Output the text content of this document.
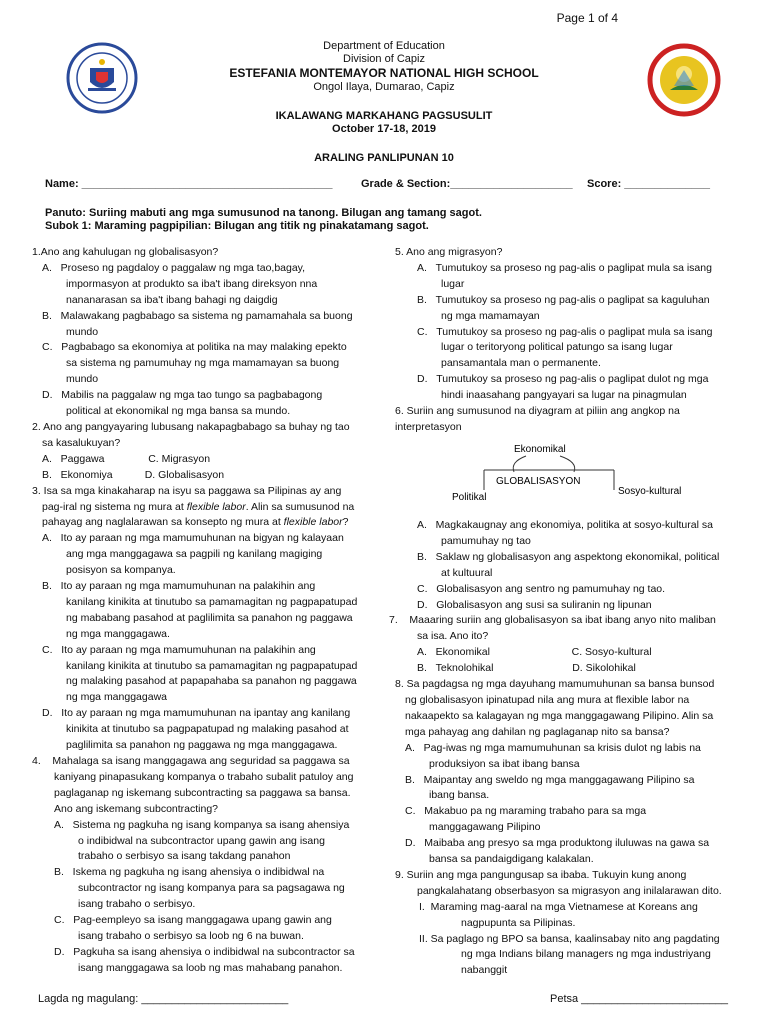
Page 1 of 4
Department of Education
Division of Capiz
ESTEFANIA MONTEMAYOR NATIONAL HIGH SCHOOL
Ongol Ilaya, Dumarao, Capiz
IKALAWANG MARKAHANG PAGSUSULIT
October 17-18, 2019
ARALING PANLIPUNAN 10
Name: _________________________________________	Grade & Section:____________________ Score: ______________
Panuto: Suriing mabuti ang mga sumusunod na tanong. Bilugan ang tamang sagot.
Subok 1: Maraming pagpipilian: Bilugan ang titik ng pinakatamang sagot.

1.Ano ang kahulugan ng globalisasyon?

A.   Proseso ng pagdaloy o paggalaw ng mga tao,bagay,

impormasyon at produkto sa iba't ibang direksyon nna

nananarasan sa iba't ibang bahagi ng daigdig

B.   Malawakang pagbabago sa sistema ng pamamahala sa buong

mundo

C.   Pagbabago sa ekonomiya at politika na may malaking epekto

sa sistema ng pamumuhay ng mga mamamayan sa buong

mundo

D.   Mabilis na paggalaw ng mga tao tungo sa pagbabagong

political at ekonomikal ng mga bansa sa mundo.

2. Ano ang pangyayaring lubusang nakapagbabago sa buhay ng tao

sa kasalukuyan?

A.   Paggawa               C. Migrasyon

B.   Ekonomiya           D. Globalisasyon

3. Isa sa mga kinakaharap na isyu sa paggawa sa Pilipinas ay ang

pag-iral ng sistema ng mura at flexible labor. Alin sa sumusunod na

pahayag ang naglalarawan sa konsepto ng mura at flexible labor?

A.   Ito ay paraan ng mga mamumuhunan na bigyan ng kalayaan

ang mga manggagawa sa pagpili ng kanilang magiging

posisyon sa kompanya.

B.   Ito ay paraan ng mga mamumuhunan na palakihin ang

kanilang kinikita at tinutubo sa pamamagitan ng pagpapatupad

ng mababang pasahod at paglilimita sa panahon ng paggawa

ng mga manggagawa.

C.   Ito ay paraan ng mga mamumuhunan na palakihin ang

kanilang kinikita at tinutubo sa pamamagitan ng pagpapatupad

ng malaking pasahod at papapahaba sa panahon ng paggawa

ng mga manggagawa

D.   Ito ay paraan ng mga mamumuhunan na ipantay ang kanilang

kinikita at tinutubo sa pagpapatupad ng malaking pasahod at

paglilimita sa panahon ng paggawa ng mga manggagawa.

4.    Mahalaga sa isang manggagawa ang seguridad sa paggawa sa

kaniyang pinapasukang kompanya o trabaho subalit patuloy ang

paglaganap ng iskemang subcontracting sa paggawa sa bansa.

Ano ang iskemang subcontracting?

A.   Sistema ng pagkuha ng isang kompanya sa isang ahensiya

o indibidwal na subcontractor upang gawin ang isang

trabaho o serbisyo sa isang takdang panahon

B.   Iskema ng pagkuha ng isang ahensiya o indibidwal na

subcontractor ng isang kompanya para sa pagsagawa ng

isang trabaho o serbisyo.

C.   Pag-eempleyo sa isang manggagawa upang gawin ang

isang trabaho o serbisyo sa loob ng 6 na buwan.

D.   Pagkuha sa isang ahensiya o indibidwal na subcontractor sa

isang manggagawa sa loob ng mas mahabang panahon.

5. Ano ang migrasyon?

A.   Tumutukoy sa proseso ng pag-alis o paglipat mula sa isang

lugar

B.   Tumutukoy sa proseso ng pag-alis o paglipat sa kaguluhan

ng mga mamamayan

C.   Tumutukoy sa proseso ng pag-alis o paglipat mula sa isang

lugar o teritoryong political patungo sa isang lugar

pansamantala man o permanente.

D.   Tumutukoy sa proseso ng pag-alis o paglipat dulot ng mga

hindi inaasahang pangyayari sa lugar na pinagmulan

6. Suriin ang sumusunod na diyagram at piliin ang angkop na

interpretasyon

Ekonomikal
GLOBALISASYON
Politikal
Sosyo-kultural

A.   Magkakaugnay ang ekonomiya, politika at sosyo-kultural sa

pamumuhay ng tao

B.   Saklaw ng globalisasyon ang aspektong ekonomikal, political

at kultuural

C.   Globalisasyon ang sentro ng pamumuhay ng tao.

D.   Globalisasyon ang susi sa suliranin ng lipunan

7.    Maaaring suriin ang globalisasyon sa ibat ibang anyo nito maliban

sa isa. Ano ito?

A.   Ekonomikal                            C. Sosyo-kultural

B.   Teknolohikal                           D. Sikolohikal

8. Sa pagdagsa ng mga dayuhang mamumuhunan sa bansa bunsod

ng globalisasyon ipinatupad nila ang mura at flexible labor na

nakaapekto sa kalagayan ng mga manggagawang Pilipino. Alin sa

mga pahayag ang dahilan ng paglaganap nito sa bansa?

A.   Pag-iwas ng mga mamumuhunan sa krisis dulot ng labis na

produksiyon sa ibat ibang bansa

B.   Maipantay ang sweldo ng mga manggagawang Pilipino sa

ibang bansa.

C.   Makabuo pa ng maraming trabaho para sa mga

manggagawang Pilipino

D.   Maibaba ang presyo sa mga produktong iluluwas na gawa sa

bansa sa pandaigdigang kalakalan.

9. Suriin ang mga pangungusap sa ibaba. Tukuyin kung anong

pangkalahatang obserbasyon sa migrasyon ang inilalarawan dito.

I.  Maraming mag-aaral na mga Vietnamese at Koreans ang

nagpupunta sa Pilipinas.

II. Sa paglago ng BPO sa bansa, kaalinsabay nito ang pagdating

ng mga Indians bilang managers ng mga industriyang

nabanggit

Lagda ng magulang: ________________________	Petsa ________________________
